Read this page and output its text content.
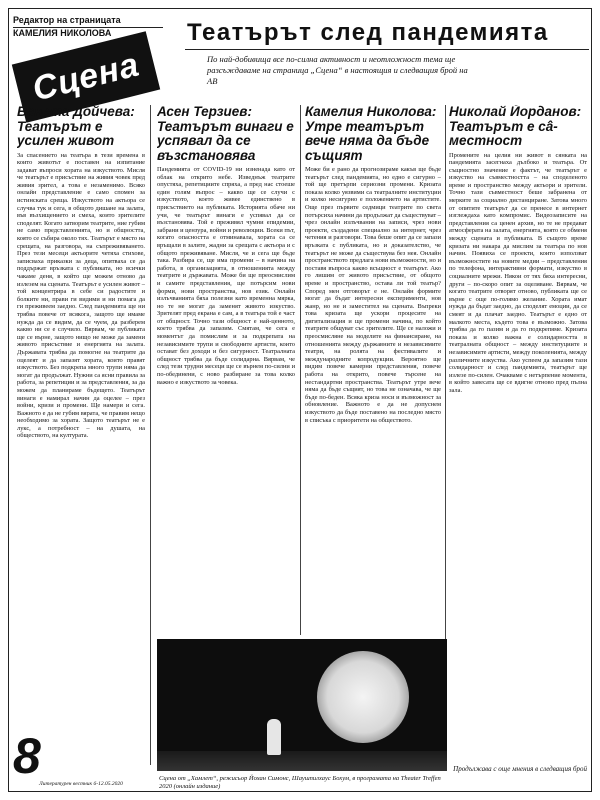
Редактор на страницата
КАМЕЛИЯ НИКОЛОВА
Сцена
Театърът след пандемията
По най-добивища все по-силна активност и неотложност тема ще разсъждаваме на страница „Сцена“ в настоящия и следващия брой на АВ
Венета Дойчева: Театърът е усилен живот
За спасението на театъра в тези времена в които животът е поставен на изпитание задават въпроси хората на изкуството. Мисля че театърът е присъствие на живия човек пред живия зрител, а това е незаменимо. Всяко онлайн представление е само спомен за истинската среща. Изкуството на актьора се случва тук и сега, в общото дишане на залата, във възхищението и смеха, които зрителите споделят. Когато затворим театрите, ние губим не само представленията, но и общността, която се събира около тях. Театърът е място на срещата, на разговора, на съпреживяването. През тези месеци актьорите четяха стихове, записваха приказки за деца, опитваха се да поддържат връзката с публиката, но всички чакаме деня, в който ще можем отново да излезем на сцената. Театърът е усилен живот – той концентрира в себе си радостите и болките ни, прави ги видими и ни помага да ги преживеем заедно. След пандемията ще ни трябва повече от всякога, защото ще имаме нужда да се видим, да се чуем, да разберем какво ни се е случило. Вярвам, че публиката ще се върне, защото нищо не може да замени живото присъствие и енергията на залата. Държавата трябва да помогне на театрите да оцелеят и да запазят хората, които правят изкуството. Без подкрепа много трупи няма да могат да продължат. Нужни са ясни правила за работа, за репетиции и за представления, за да можем да планираме бъдещето. Театърът винаги е намирал начин да оцелее – през войни, кризи и промени. Ще намери и сега. Важното е да не губим вярата, че правим нещо необходимо за хората. Защото театърът не е лукс, а потребност – на душата, на обществото, на културата.
Асен Терзиев: Театърът винаги е успявал да се възстановява
Пандемията от COVID-19 ни изненада като от облак на открито небе. Изведнъж театрите опустяха, репетициите спряха, а пред нас стоеше един голям въпрос – какво ще се случи с изкуството, което живее единствено в присъствието на публиката. Историята обаче ни учи, че театърът винаги е успявал да се възстановява. Той е преживял чумни епидемии, забрани и цензура, войни и революции. Всеки път, когато опасността е отминавала, хората са се връщали в залите, жадни за срещата с актьора и с общото преживяване. Мисля, че и сега ще бъде така. Разбира се, ще има промени – в начина на работа, в организацията, в отношенията между театрите и държавата. Може би ще преосмислим и самите представления, ще потърсим нови форми, нови пространства, нов език. Онлайн излъчванията бяха полезни като временна мярка, но те не могат да заменят живото изкуство. Зрителят пред екрана е сам, а в театъра той е част от общност. Точно тази общност е най-ценното, което трябва да запазим. Смятам, че сега е моментът да помислим и за подкрепата на независимите трупи и свободните артисти, които остават без доходи и без сигурност. Театралната общност трябва да бъде солидарна. Вярвам, че след тези трудни месеци ще се върнем по-силни и по-обединени, с ново разбиране за това колко важно е изкуството за човека.
Камелия Николова: Утре театърът вече няма да бъде същият
Може би е рано да прогнозираме какъв ще бъде театърът след пандемията, но едно е сигурно – той ще претърпи сериозни промени. Кризата показа колко уязвими са театралните институции и колко несигурно е положението на артистите. Още през първите седмици театрите по света потърсиха начини да продължат да съществуват – чрез онлайн излъчвания на записи, чрез нови проекти, създадени специално за интернет, чрез четения и разговори. Това беше опит да се запази връзката с публиката, но и доказателство, че театърът не може да съществува без нея. Онлайн пространството предлага нови възможности, но и поставя въпроса какво всъщност е театърът. Ако го лишим от живото присъствие, от общото време и пространство, остава ли той театър? Според мен отговорът е не. Онлайн формите могат да бъдат интересни експерименти, нов жанр, но не и заместител на сцената. Въпреки това кризата ще ускори процесите на дигитализация и ще промени начина, по който театрите общуват със зрителите. Ще се наложи и преосмисляне на моделите на финансиране, на отношенията между държавните и независимите театри, на ролята на фестивалите и международните копродукции. Вероятно ще видим повече камерни представления, повече работа на открито, повече търсене на нестандартни пространства. Театърът утре вече няма да бъде същият, но това не означава, че ще бъде по-беден. Всяка криза носи и възможност за обновление. Важното е да не допуснем изкуството да бъде поставено на последно място в списъка с приоритети на обществото.
Николай Йорданов: Театърът е сâ-местност
Промените на целия ни живот в сянката на пандемията засегнаха дълбоко и театъра. От същностно значение е фактът, че театърът е изкуство на съвместността – на споделеното време и пространство между актьори и зрители. Точно тази съвместност беше забранена от мерките за социално дистанциране. Затова много от опитите театърът да се пренесе в интернет изглеждаха като компромис. Видеозаписите на представления са ценен архив, но те не предават атмосферата на залата, енергията, която се обменя между сцената и публиката. В същото време кризата ни накара да мислим за театъра по нов начин. Появиха се проекти, които използват възможностите на новите медии – представления по телефона, интерактивни формати, изкуство в социалните мрежи. Някои от тях бяха интересни, други – по-скоро опит за оцеляване. Вярвам, че когато театрите отворят отново, публиката ще се върне с още по-голямо желание. Хората имат нужда да бъдат заедно, да споделят емоции, да се смеят и да плачат заедно. Театърът е едно от малкото места, където това е възможно. Затова трябва да го пазим и да го подкрепяме. Кризата показа и колко важна е солидарността в театралната общност – между институциите и независимите артисти, между поколенията, между различните изкуства. Ако успеем да запазим тази солидарност и след пандемията, театърът ще излезе по-силен. Очакваме с нетърпение момента, в който завесата ще се вдигне отново пред пълна зала.
Сцена от „Хамлет“, режисьор Йохан Симонс, Шаушпилхаус Бохум, в програмата на Theater Treffen 2020 (онлайн издание)
8
Литературен вестник 6-12.05.2020
Продължава с още мнения в следващия брой
